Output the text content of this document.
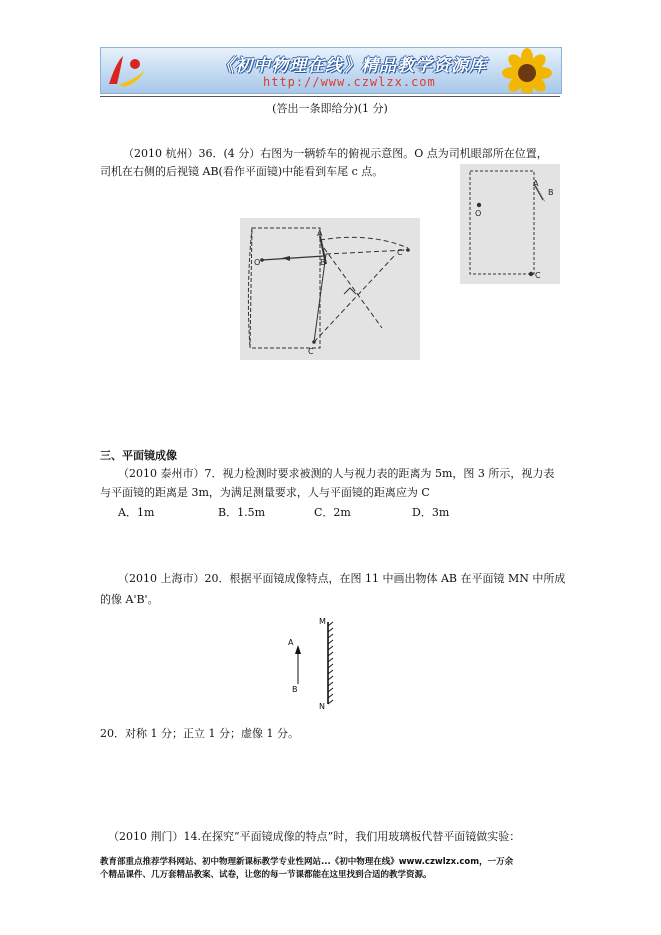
《初中物理在线》精品教学资源库
http://www.czwlzx.com
(答出一条即给分)(1 分)
（2010 杭州）36．(4 分）右图为一辆轿车的俯视示意图。O 点为司机眼部所在位置，
司机在右侧的后视镜 AB(看作平面镜)中能看到车尾 c 点。
A
B
O
C
A
B
O'
C'
C
三、平面镜成像
（2010 泰州市）7．视力检测时要求被测的人与视力表的距离为 5m，图 3 所示，视力表
与平面镜的距离是 3m，为满足测量要求，人与平面镜的距离应为 C
A．1m	B．1.5m	C．2m	D．3m
（2010 上海市）20．根据平面镜成像特点，在图 11 中画出物体 AB 在平面镜 MN 中所成
的像 A'B'。
M
A
B
N
20．对称 1 分；正立 1 分；虚像 1 分。
（2010 荆门）14.在探究“平面镜成像的特点”时，我们用玻璃板代替平面镜做实验：
教育部重点推荐学科网站、初中物理新课标教学专业性网站...《初中物理在线》www.czwlzx.com，一万余
个精品课件、几万套精品教案、试卷，让您的每一节课都能在这里找到合适的教学资源。
